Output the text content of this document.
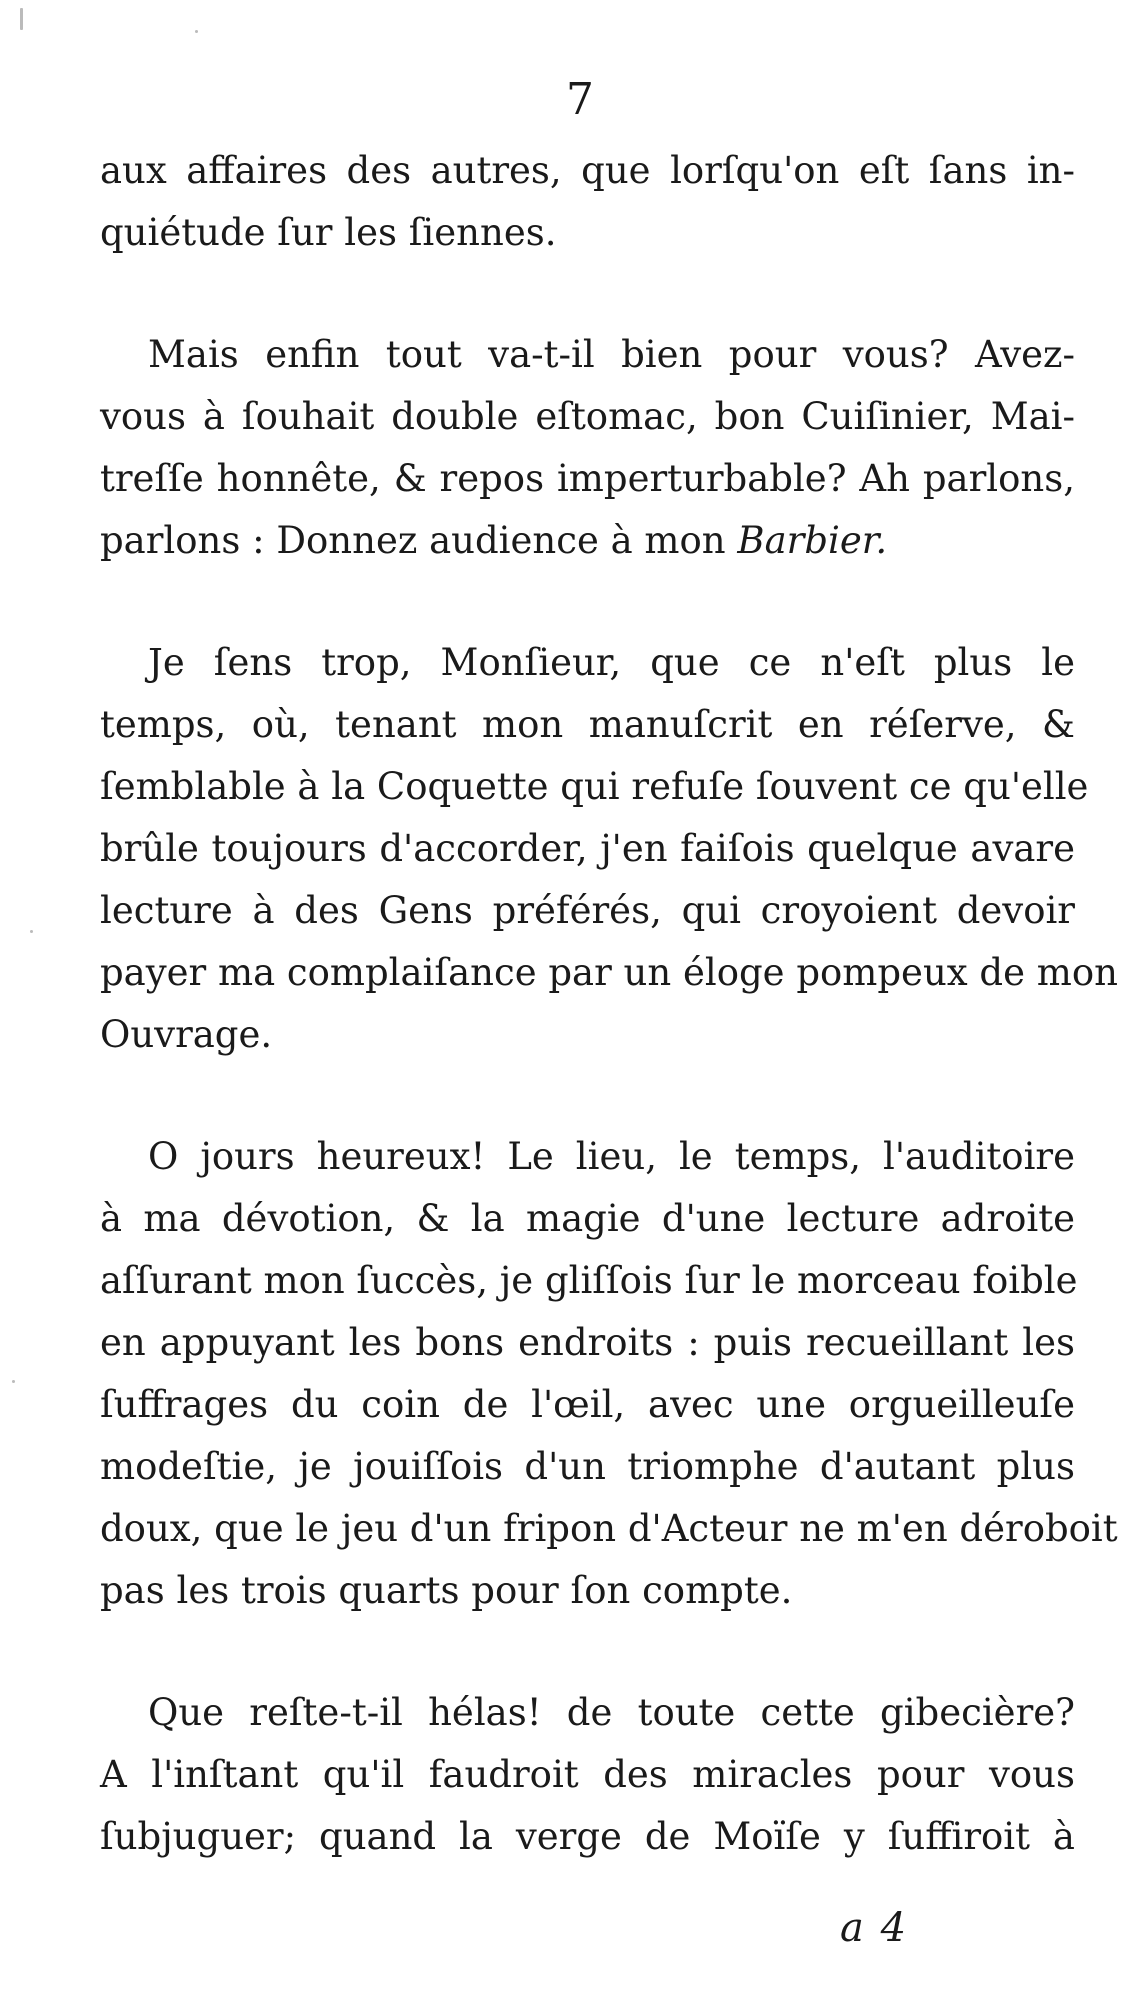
7
aux affaires des autres, que lorſqu'on eſt ſans in-
quiétude ſur les ſiennes.
Mais enfin tout va-t-il bien pour vous? Avez-
vous à ſouhait double eſtomac, bon Cuiſinier, Mai-
treſſe honnête, & repos imperturbable? Ah parlons,
parlons : Donnez audience à mon Barbier.
Je ſens trop, Monſieur, que ce n'eſt plus le
temps, où, tenant mon manuſcrit en réſerve, &
ſemblable à la Coquette qui refuſe ſouvent ce qu'elle
brûle toujours d'accorder, j'en faiſois quelque avare
lecture à des Gens préférés, qui croyoient devoir
payer ma complaiſance par un éloge pompeux de mon
Ouvrage.
O jours heureux! Le lieu, le temps, l'auditoire
à ma dévotion, & la magie d'une lecture adroite
aſſurant mon ſuccès, je gliſſois ſur le morceau foible
en appuyant les bons endroits : puis recueillant les
ſuffrages du coin de l'œil, avec une orgueilleuſe
modeſtie, je jouiſſois d'un triomphe d'autant plus
doux, que le jeu d'un fripon d'Acteur ne m'en déroboit
pas les trois quarts pour ſon compte.
Que reſte-t-il hélas! de toute cette gibecière?
A l'inſtant qu'il faudroit des miracles pour vous
ſubjuguer; quand la verge de Moïſe y ſuffiroit à
a 4
